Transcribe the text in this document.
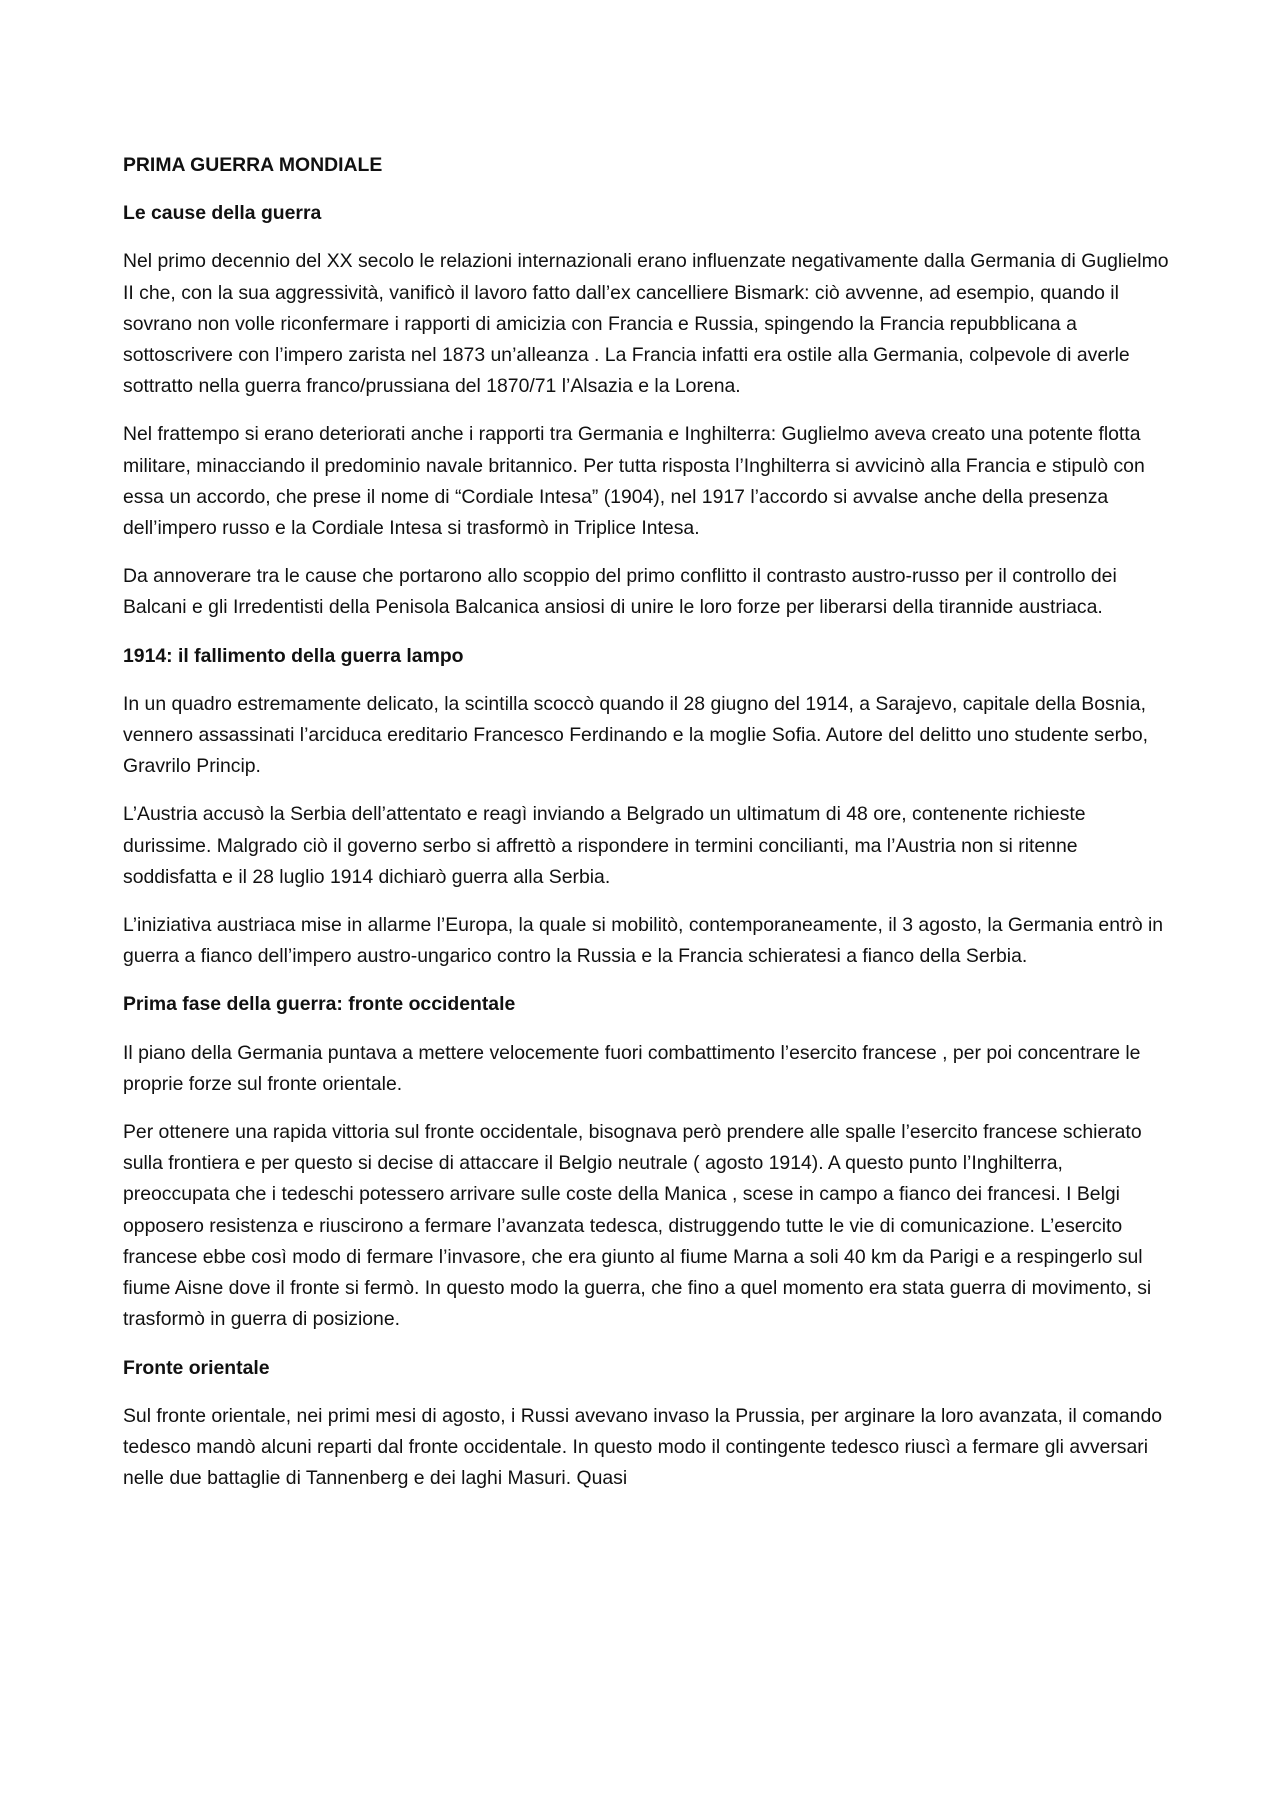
PRIMA GUERRA MONDIALE
Le cause della guerra

Nel primo decennio del XX secolo le relazioni internazionali erano influenzate negativamente dalla Germania di Guglielmo II che, con la sua aggressività, vanificò il lavoro fatto dall’ex cancelliere Bismark: ciò avvenne, ad esempio, quando il sovrano non volle riconfermare i rapporti di amicizia con Francia e Russia, spingendo la Francia repubblicana a sottoscrivere con l’impero zarista nel 1873 un’alleanza . La Francia infatti era ostile alla Germania, colpevole di averle sottratto nella guerra franco/prussiana del 1870/71 l’Alsazia e la Lorena.

Nel frattempo si erano deteriorati anche i rapporti tra Germania e Inghilterra: Guglielmo aveva creato una potente flotta militare, minacciando il predominio navale britannico. Per tutta risposta l’Inghilterra si avvicinò alla Francia e stipulò con essa un accordo, che prese il nome di “Cordiale Intesa” (1904), nel 1917 l’accordo si avvalse anche della presenza dell’impero russo e la Cordiale Intesa si trasformò in Triplice Intesa.

Da annoverare tra le cause che portarono allo scoppio del primo conflitto il contrasto austro-russo per il controllo dei Balcani e gli Irredentisti della Penisola Balcanica ansiosi di unire le loro forze per liberarsi della tirannide austriaca.

1914: il fallimento della guerra lampo

In un quadro estremamente delicato, la scintilla scoccò quando il 28 giugno del 1914, a Sarajevo, capitale della Bosnia, vennero assassinati l’arciduca ereditario Francesco Ferdinando e la moglie Sofia. Autore del delitto uno studente serbo, Gravrilo Princip.

L’Austria accusò la Serbia dell’attentato e reagì inviando a Belgrado un ultimatum di 48 ore, contenente richieste durissime. Malgrado ciò il governo serbo si affrettò a rispondere in termini concilianti, ma l’Austria non si ritenne soddisfatta e il 28 luglio 1914 dichiarò guerra alla Serbia.

L’iniziativa austriaca mise in allarme l’Europa, la quale si mobilitò, contemporaneamente, il 3 agosto, la Germania entrò in guerra a fianco dell’impero austro-ungarico contro la Russia e la Francia schieratesi a fianco della Serbia.

Prima fase della guerra: fronte occidentale

Il piano della Germania puntava a mettere velocemente fuori combattimento l’esercito francese , per poi concentrare le proprie forze sul fronte orientale.

Per ottenere una rapida vittoria sul fronte occidentale, bisognava però prendere alle spalle l’esercito francese schierato sulla frontiera e per questo si decise di attaccare il Belgio neutrale ( agosto 1914). A questo punto l’Inghilterra, preoccupata che i tedeschi potessero arrivare sulle coste della Manica , scese in campo a fianco dei francesi. I Belgi opposero resistenza e riuscirono a fermare l’avanzata tedesca, distruggendo tutte le vie di comunicazione. L’esercito francese ebbe così modo di fermare l’invasore, che era giunto al fiume Marna a soli 40 km da Parigi e a respingerlo sul fiume Aisne dove il fronte si fermò. In questo modo la guerra, che fino a quel momento era stata guerra di movimento, si trasformò in guerra di posizione.

Fronte orientale

Sul fronte orientale, nei primi mesi di agosto, i Russi avevano invaso la Prussia, per arginare la loro avanzata, il comando tedesco mandò alcuni reparti dal fronte occidentale. In questo modo il contingente tedesco riuscì a fermare gli avversari nelle due battaglie di Tannenberg e dei laghi Masuri. Quasi
